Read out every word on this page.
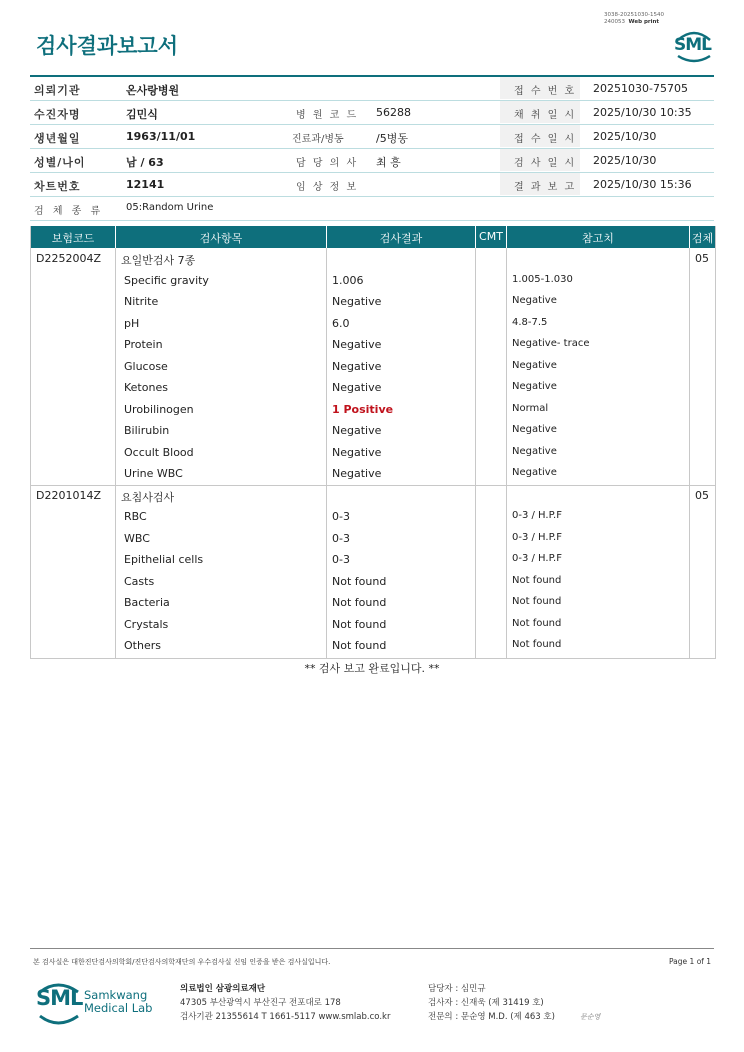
검사결과보고서
3038-20251030-1540
240053 Web print
SML
의뢰기관	온사랑병원	접 수 번 호 20251030-75705
수진자명	김민식	병 원 코 드 56288	채 취 일 시 2025/10/30 10:35
생년월일	1963/11/01	진료과/병동	/5병동	접 수 일 시 2025/10/30
성별/나이	남 / 63	담 당 의 사 최 흥	검 사 일 시 2025/10/30
차트번호	12141	임 상 정 보	결 과 보 고 2025/10/30 15:36
검 체 종 류 05:Random Urine
보험코드	검사항목	검사결과	CMT	참고치	검체
D2252004Z 요일반검사 7종	05
Specific gravity	1.006	1.005-1.030
Nitrite	Negative	Negative
pH	6.0	4.8-7.5
Protein	Negative	Negative- trace
Glucose	Negative	Negative
Ketones	Negative	Negative
Urobilinogen	1 Positive	Normal
Bilirubin	Negative	Negative
Occult Blood	Negative	Negative
Urine WBC	Negative	Negative
D2201014Z 요침사검사	05
RBC	0-3	0-3 / H.P.F
WBC	0-3	0-3 / H.P.F
Epithelial cells	0-3	0-3 / H.P.F
Casts	Not found	Not found
Bacteria	Not found	Not found
Crystals	Not found	Not found
Others	Not found	Not found
** 검사 보고 완료입니다. **
본 검사실은 대한진단검사의학회/진단검사의학재단의 우수검사실 신임 인증을 받은 검사실입니다.	Page 1 of 1
SML Samkwang
Medical Lab
의료법인 삼광의료재단
47305 부산광역시 부산진구 전포대로 178
검사기관 21355614 T 1661-5117 www.smlab.co.kr
담당자 : 심민규
검사자 : 신재욱 (제 31419 호)
전문의 : 문순영 M.D. (제 463 호)	문순영
